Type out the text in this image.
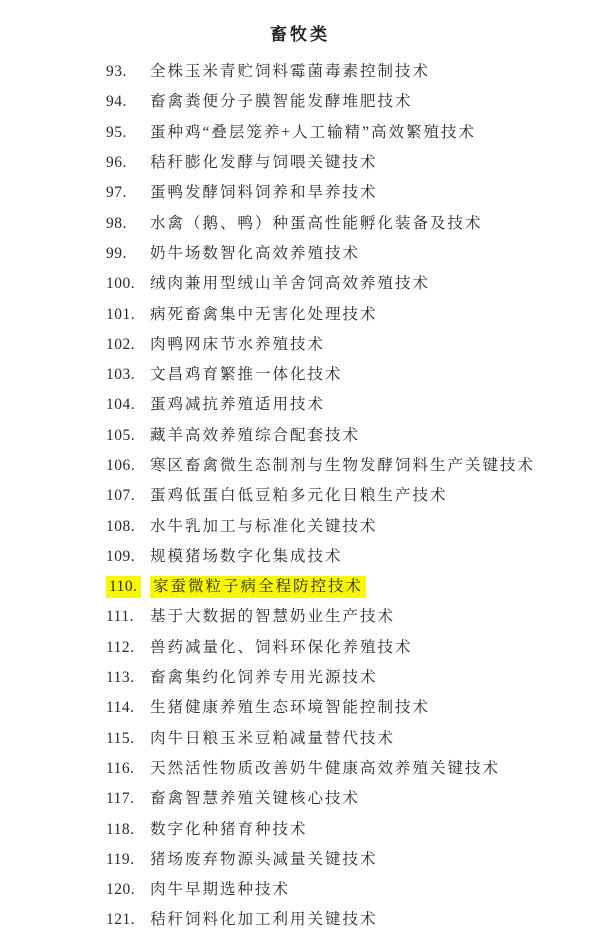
畜牧类
93.	全株玉米青贮饲料霉菌毒素控制技术
94.	畜禽粪便分子膜智能发酵堆肥技术
95.	蛋种鸡“叠层笼养+人工输精”高效繁殖技术
96.	秸秆膨化发酵与饲喂关键技术
97.	蛋鸭发酵饲料饲养和旱养技术
98.	水禽（鹅、鸭）种蛋高性能孵化装备及技术
99.	奶牛场数智化高效养殖技术
100. 绒肉兼用型绒山羊舍饲高效养殖技术
101. 病死畜禽集中无害化处理技术
102. 肉鸭网床节水养殖技术
103. 文昌鸡育繁推一体化技术
104. 蛋鸡减抗养殖适用技术
105. 藏羊高效养殖综合配套技术
106. 寒区畜禽微生态制剂与生物发酵饲料生产关键技术
107. 蛋鸡低蛋白低豆粕多元化日粮生产技术
108. 水牛乳加工与标准化关键技术
109. 规模猪场数字化集成技术
110. 家蚕微粒子病全程防控技术
111.	基于大数据的智慧奶业生产技术
112. 兽药减量化、饲料环保化养殖技术
113. 畜禽集约化饲养专用光源技术
114. 生猪健康养殖生态环境智能控制技术
115. 肉牛日粮玉米豆粕减量替代技术
116. 天然活性物质改善奶牛健康高效养殖关键技术
117. 畜禽智慧养殖关键核心技术
118. 数字化种猪育种技术
119. 猪场废弃物源头减量关键技术
120. 肉牛早期选种技术
121. 秸秆饲料化加工利用关键技术
